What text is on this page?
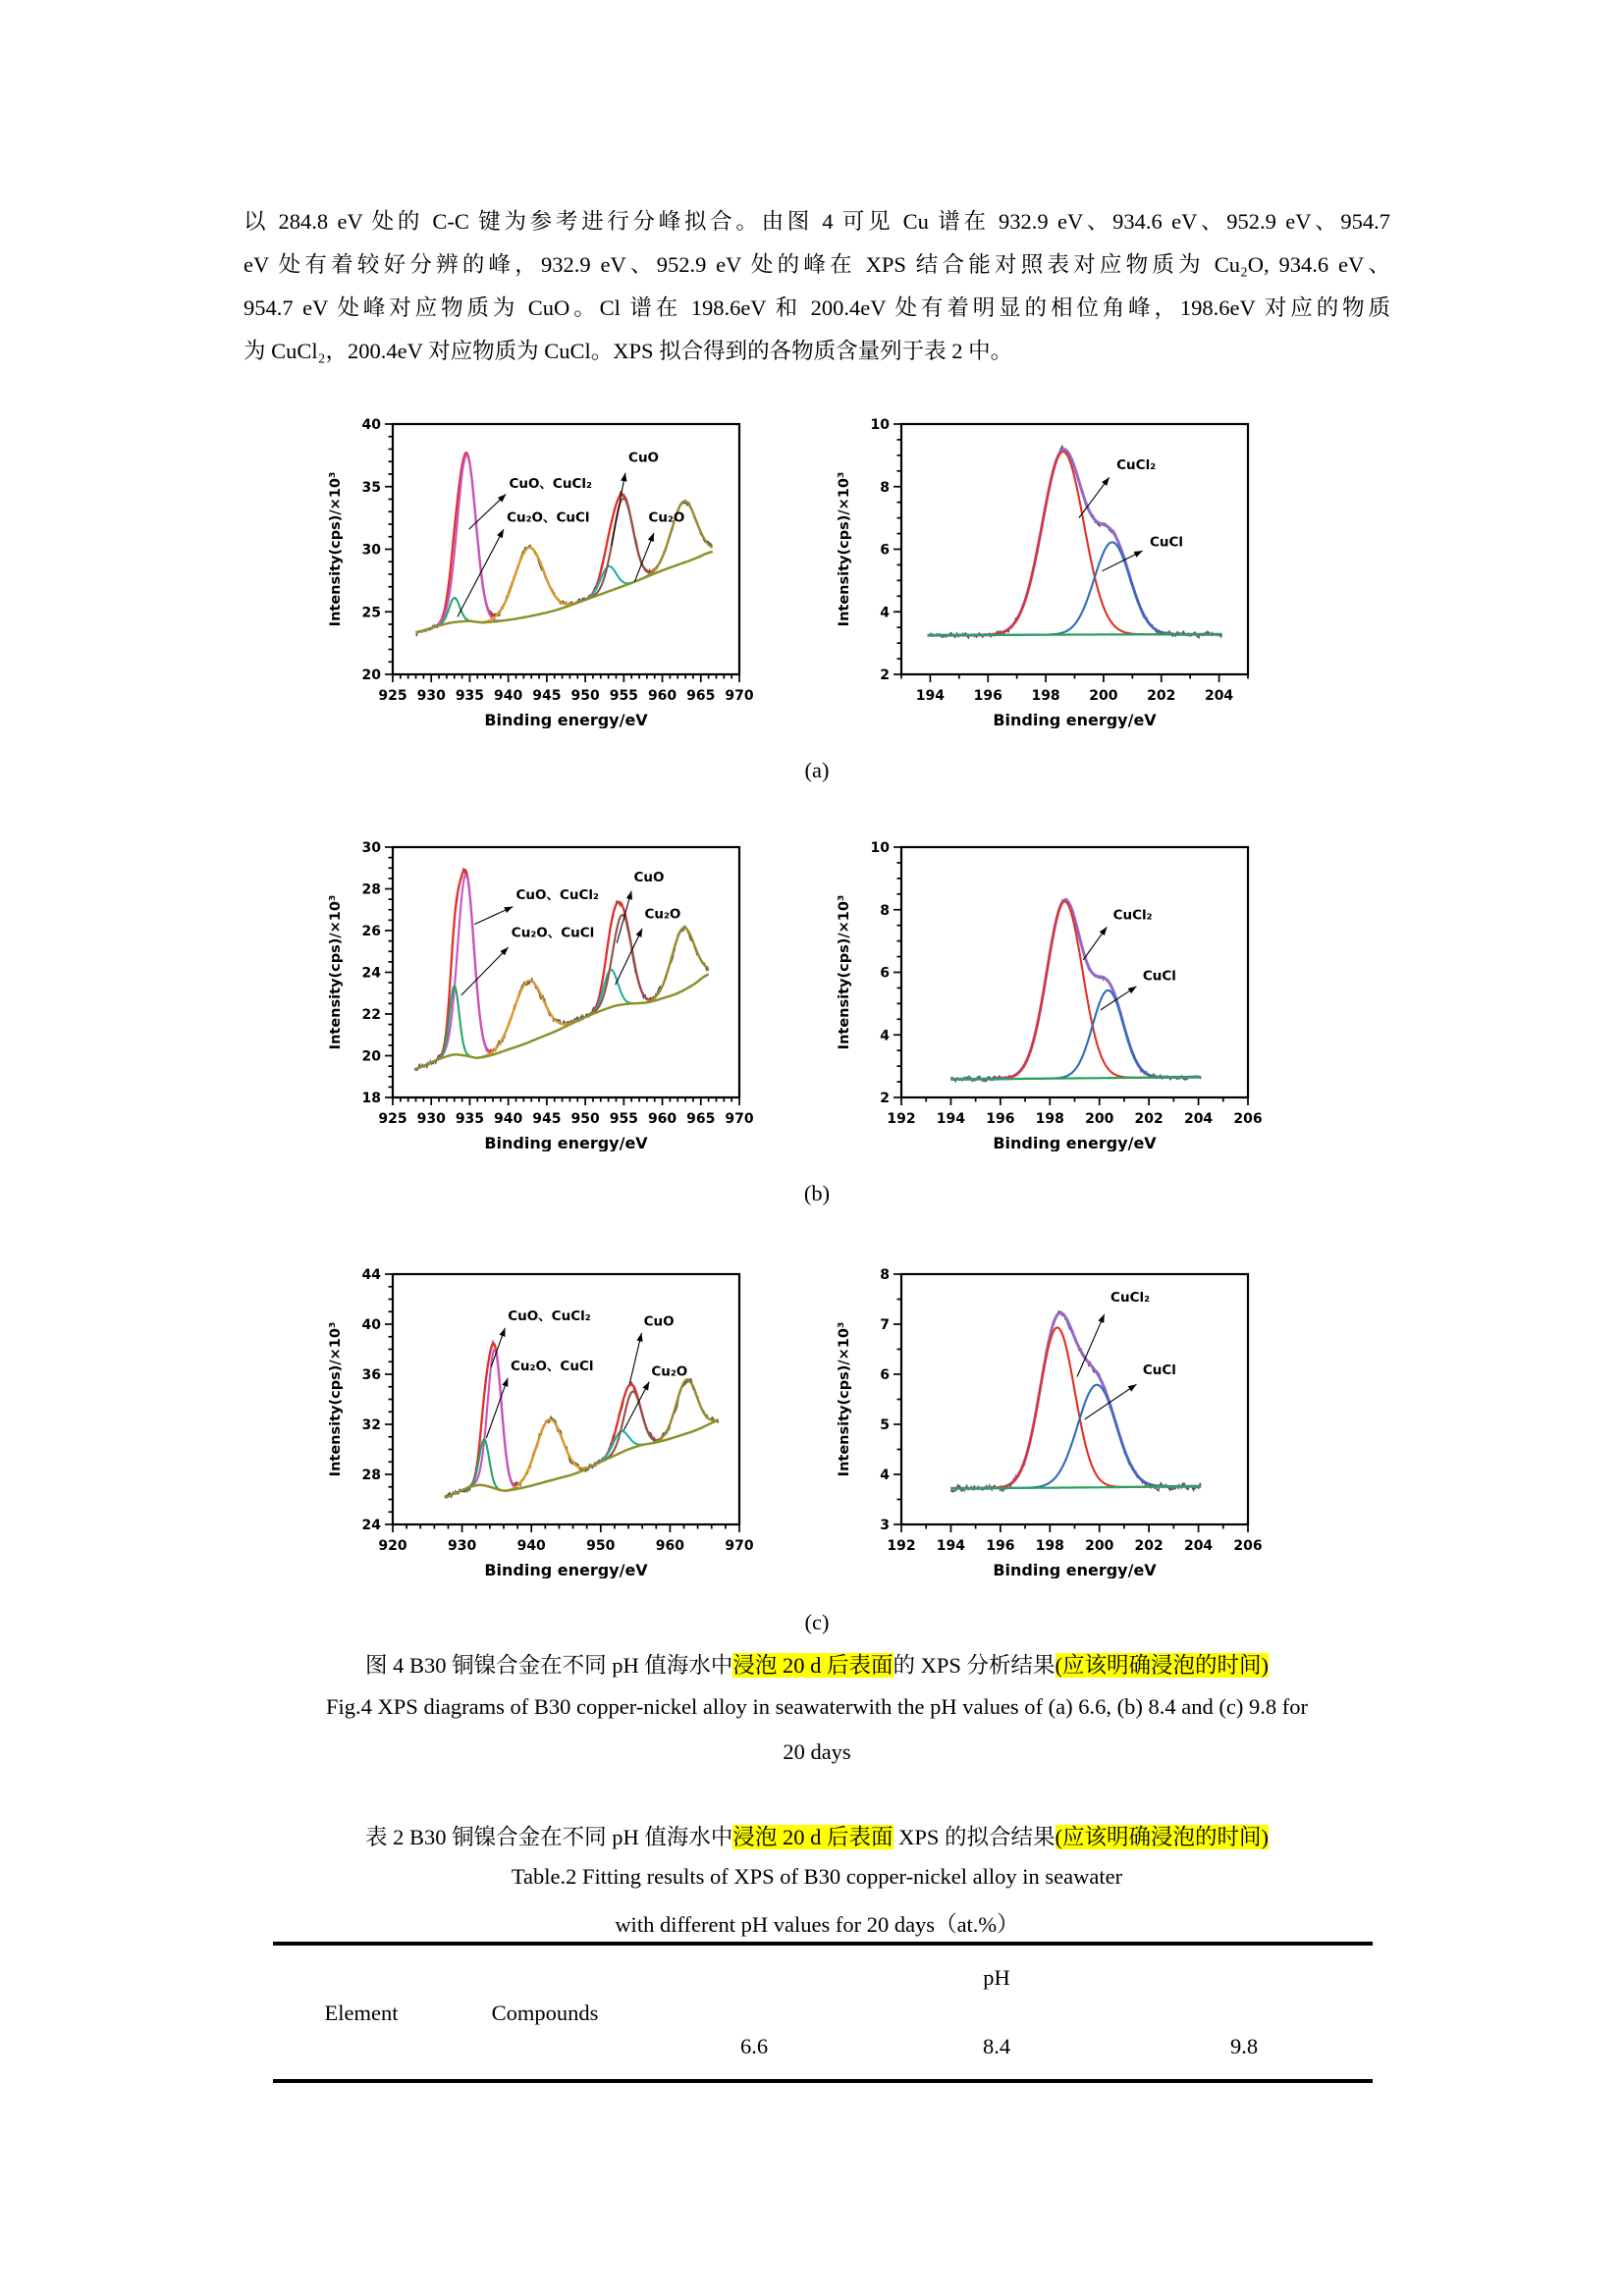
以 284.8 eV 处的 C-C 键为参考进行分峰拟合。由图 4 可见 Cu 谱在 932.9 eV、934.6 eV、952.9 eV、954.7
eV 处有着较好分辨的峰，932.9 eV、952.9 eV 处的峰在 XPS 结合能对照表对应物质为 Cu₂O, 934.6 eV、
954.7 eV 处峰对应物质为 CuO。Cl 谱在 198.6eV 和 200.4eV 处有着明显的相位角峰，198.6eV 对应的物质
为 CuCl₂，200.4eV 对应物质为 CuCl。XPS 拟合得到的各物质含量列于表 2 中。
925 930 935 940 945 950 955 960 965 970
20
25
30
35
40
Binding energy/eV
Intensity(cps)/×10³	CuO、CuCl₂
Cu₂O、CuCl
CuO
Cu₂O
194 196 198 200 202 204
2
4
6
8
10
Binding energy/eV
Intensity(cps)/×10³
CuCl₂
CuCl
(a)
925 930 935 940 945 950 955 960 965 970
18
20
22
24
26
28
30
Binding energy/eV
Intensity(cps)/×10³	CuO、CuCl₂
Cu₂O、CuCl
CuO
Cu₂O
192 194 196 198 200 202 204 206
2
4
6
8
10
Binding energy/eV
Intensity(cps)/×10³	CuCl₂
CuCl
(b)
920	930	940	950	960	970
24
28
32
36
40
44
Binding energy/eV
Intensity(cps)/×10³
CuO、CuCl₂
Cu₂O、CuCl
CuO
Cu₂O
192 194 196 198 200 202 204 206
3
4
5
6
7
8
Binding energy/eV
Intensity(cps)/×10³
CuCl₂
CuCl
(c)
图 4 B30 铜镍合金在不同 pH 值海水中浸泡 20 d 后表面的 XPS 分析结果(应该明确浸泡的时间)
Fig.4 XPS diagrams of B30 copper-nickel alloy in seawaterwith the pH values of (a) 6.6, (b) 8.4 and (c) 9.8 for
20 days
表 2 B30 铜镍合金在不同 pH 值海水中浸泡 20 d 后表面 XPS 的拟合结果(应该明确浸泡的时间)
Table.2 Fitting results of XPS of B30 copper-nickel alloy in seawater
with different pH values for 20 days（at.%）
pH
Element	Compounds
6.6	8.4	9.8
